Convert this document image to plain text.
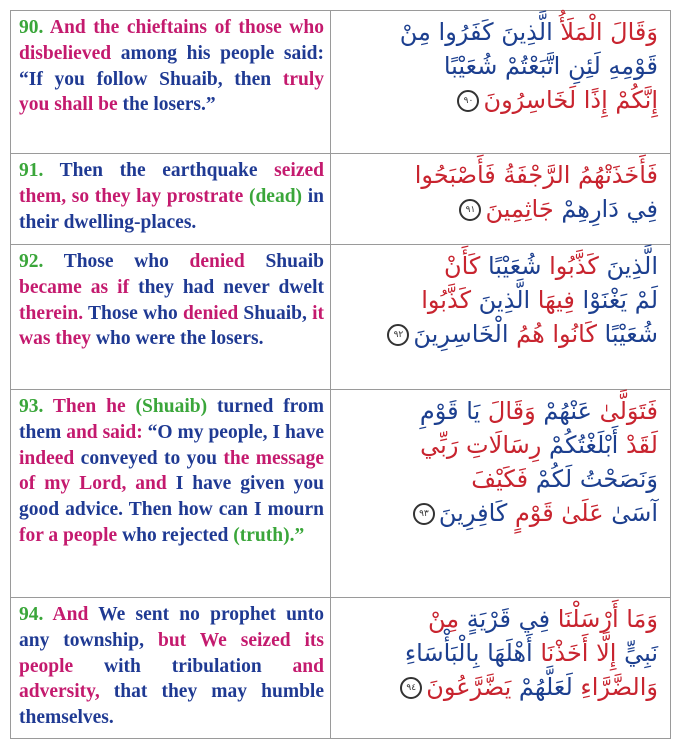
90. And the chieftains of those who disbelieved among his people said: “If you follow Shuaib, then truly you shall be the losers.”
وَقَالَ الْمَلَأُ الَّذِينَ كَفَرُوا مِنْ
قَوْمِهِ لَئِنِ اتَّبَعْتُمْ شُعَيْبًا
إِنَّكُمْ إِذًا لَخَاسِرُونَ٩٠
91. Then the earthquake seized them, so they lay prostrate (dead) in their dwelling-places.
فَأَخَذَتْهُمُ الرَّجْفَةُ فَأَصْبَحُوا
فِي دَارِهِمْ جَاثِمِينَ٩١
92. Those who denied Shuaib became as if they had never dwelt therein. Those who denied Shuaib, it was they who were the losers.
الَّذِينَ كَذَّبُوا شُعَيْبًا كَأَنْ
لَمْ يَغْنَوْا فِيهَا الَّذِينَ كَذَّبُوا
شُعَيْبًا كَانُوا هُمُ الْخَاسِرِينَ٩٢
93. Then he (Shuaib) turned from them and said: “O my people, I have indeed conveyed to you the message of my Lord, and I have given you good advice. Then how can I mourn for a people who rejected (truth).”
فَتَوَلَّىٰ عَنْهُمْ وَقَالَ يَا قَوْمِ
لَقَدْ أَبْلَغْتُكُمْ رِسَالَاتِ رَبِّي
وَنَصَحْتُ لَكُمْ فَكَيْفَ
آسَىٰ عَلَىٰ قَوْمٍ كَافِرِينَ٩٣
94. And We sent no prophet unto any township, but We seized its people with tribulation and adversity, that they may humble themselves.
وَمَا أَرْسَلْنَا فِي قَرْيَةٍ مِنْ
نَبِيٍّ إِلَّا أَخَذْنَا أَهْلَهَا بِالْبَأْسَاءِ
وَالضَّرَّاءِ لَعَلَّهُمْ يَضَّرَّعُونَ٩٤
